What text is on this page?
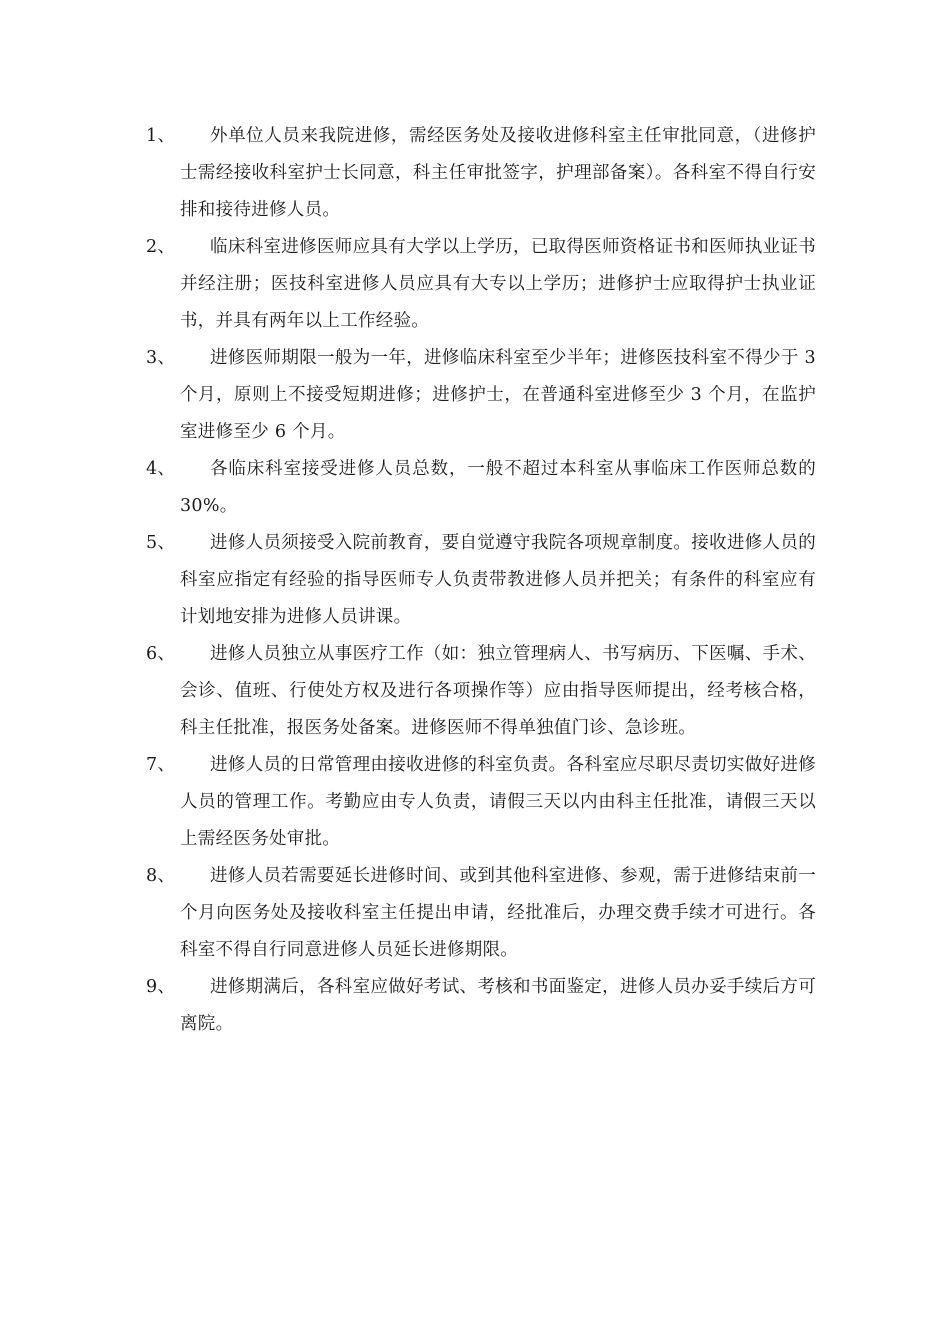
1、	外单位人员来我院进修，需经医务处及接收进修科室主任审批同意，（进修护士需经接收科室护士长同意，科主任审批签字，护理部备案）。各科室不得自行安排和接待进修人员。
2、	临床科室进修医师应具有大学以上学历，已取得医师资格证书和医师执业证书并经注册；医技科室进修人员应具有大专以上学历；进修护士应取得护士执业证书，并具有两年以上工作经验。
3、	进修医师期限一般为一年，进修临床科室至少半年；进修医技科室不得少于 3 个月，原则上不接受短期进修；进修护士，在普通科室进修至少 3 个月，在监护室进修至少 6 个月。
4、	各临床科室接受进修人员总数，一般不超过本科室从事临床工作医师总数的 30%。
5、	进修人员须接受入院前教育，要自觉遵守我院各项规章制度。接收进修人员的科室应指定有经验的指导医师专人负责带教进修人员并把关；有条件的科室应有计划地安排为进修人员讲课。
6、	进修人员独立从事医疗工作（如：独立管理病人、书写病历、下医嘱、手术、会诊、值班、行使处方权及进行各项操作等）应由指导医师提出，经考核合格，科主任批准，报医务处备案。进修医师不得单独值门诊、急诊班。
7、	进修人员的日常管理由接收进修的科室负责。各科室应尽职尽责切实做好进修人员的管理工作。考勤应由专人负责，请假三天以内由科主任批准，请假三天以上需经医务处审批。
8、	进修人员若需要延长进修时间、或到其他科室进修、参观，需于进修结束前一个月向医务处及接收科室主任提出申请，经批准后，办理交费手续才可进行。各科室不得自行同意进修人员延长进修期限。
9、	进修期满后，各科室应做好考试、考核和书面鉴定，进修人员办妥手续后方可离院。
